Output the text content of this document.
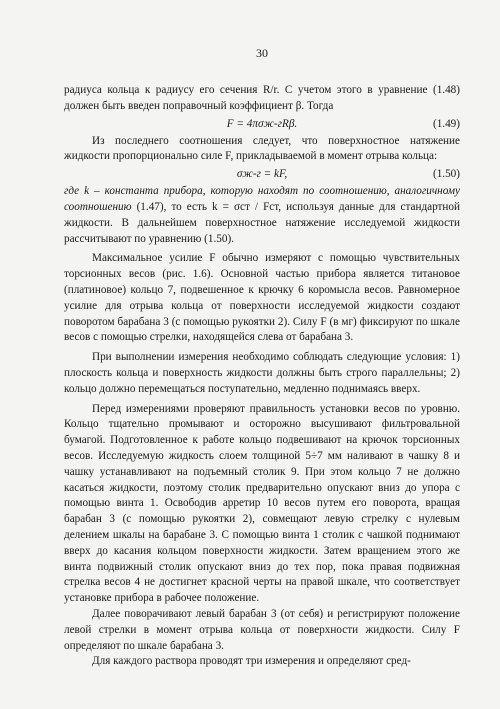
30

радиуса кольца к радиусу его сечения R/r. С учетом этого в уравнение (1.48) должен быть введен поправочный коэффициент β. Тогда

F = 4πσж-гRβ.	(1.49)

Из последнего соотношения следует, что поверхностное натяжение жидкости пропорционально силе F, прикладываемой в момент отрыва кольца:

σж-г = kF,	(1.50)

где k – константа прибора, которую находят по соотношению, аналогичному соотношению (1.47), то есть k = σст / Fст, используя данные для стандартной жидкости. В дальнейшем поверхностное натяжение исследуемой жидкости рассчитывают по уравнению (1.50).

Максимальное усилие F обычно измеряют с помощью чувствительных торсионных весов (рис. 1.6). Основной частью прибора является титановое (платиновое) кольцо 7, подвешенное к крючку 6 коромысла весов. Равномерное усилие для отрыва кольца от поверхности исследуемой жидкости создают поворотом барабана 3 (с помощью рукоятки 2). Силу F (в мг) фиксируют по шкале весов с помощью стрелки, находящейся слева от барабана 3.

При выполнении измерения необходимо соблюдать следующие условия: 1) плоскость кольца и поверхность жидкости должны быть строго параллельны; 2) кольцо должно перемещаться поступательно, медленно поднимаясь вверх.

Перед измерениями проверяют правильность установки весов по уровню. Кольцо тщательно промывают и осторожно высушивают фильтровальной бумагой. Подготовленное к работе кольцо подвешивают на крючок торсионных весов. Исследуемую жидкость слоем толщиной 5÷7 мм наливают в чашку 8 и чашку устанавливают на подъемный столик 9. При этом кольцо 7 не должно касаться жидкости, поэтому столик предварительно опускают вниз до упора с помощью винта 1. Освободив арретир 10 весов путем его поворота, вращая барабан 3 (с помощью рукоятки 2), совмещают левую стрелку с нулевым делением шкалы на барабане 3. С помощью винта 1 столик с чашкой поднимают вверх до касания кольцом поверхности жидкости. Затем вращением этого же винта подвижный столик опускают вниз до тех пор, пока правая подвижная стрелка весов 4 не достигнет красной черты на правой шкале, что соответствует установке прибора в рабочее положение.

Далее поворачивают левый барабан 3 (от себя) и регистрируют положение левой стрелки в момент отрыва кольца от поверхности жидкости. Силу F определяют по шкале барабана 3.

Для каждого раствора проводят три измерения и определяют сред-
